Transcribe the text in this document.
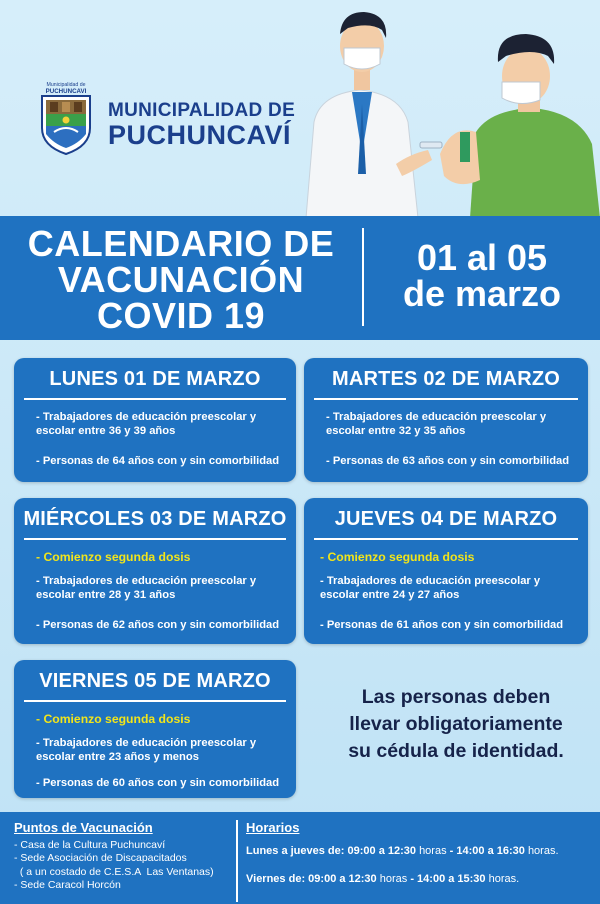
Municipalidad de
PUCHUNCAVI
MUNICIPALIDAD DE
PUCHUNCAVÍ
CALENDARIO DE
VACUNACIÓN
COVID 19
01 al 05
de marzo
LUNES 01 DE MARZO
- Trabajadores de educación preescolar y escolar entre 36 y 39 años
- Personas de 64 años con y sin comorbilidad
MARTES 02 DE MARZO
- Trabajadores de educación preescolar y escolar entre 32 y 35 años
- Personas de 63 años con y sin comorbilidad
MIÉRCOLES 03 DE MARZO
- Comienzo segunda dosis
- Trabajadores de educación preescolar y escolar entre 28 y 31 años
- Personas de 62 años con y sin comorbilidad
JUEVES 04 DE MARZO
- Comienzo segunda dosis
- Trabajadores de educación preescolar y escolar entre 24 y 27 años
- Personas de 61 años con y sin comorbilidad
VIERNES 05 DE MARZO
- Comienzo segunda dosis
- Trabajadores de educación preescolar y escolar entre 23 años y menos
- Personas de 60 años con y sin comorbilidad
Las personas deben
llevar obligatoriamente
su cédula de identidad.
Puntos de Vacunación
- Casa de la Cultura Puchuncaví
- Sede Asociación de Discapacitados
( a un costado de C.E.S.A  Las Ventanas)
- Sede Caracol Horcón
Horarios
Lunes a jueves de: 09:00 a 12:30 horas - 14:00 a 16:30 horas.
Viernes de: 09:00 a 12:30 horas - 14:00 a 15:30 horas.
